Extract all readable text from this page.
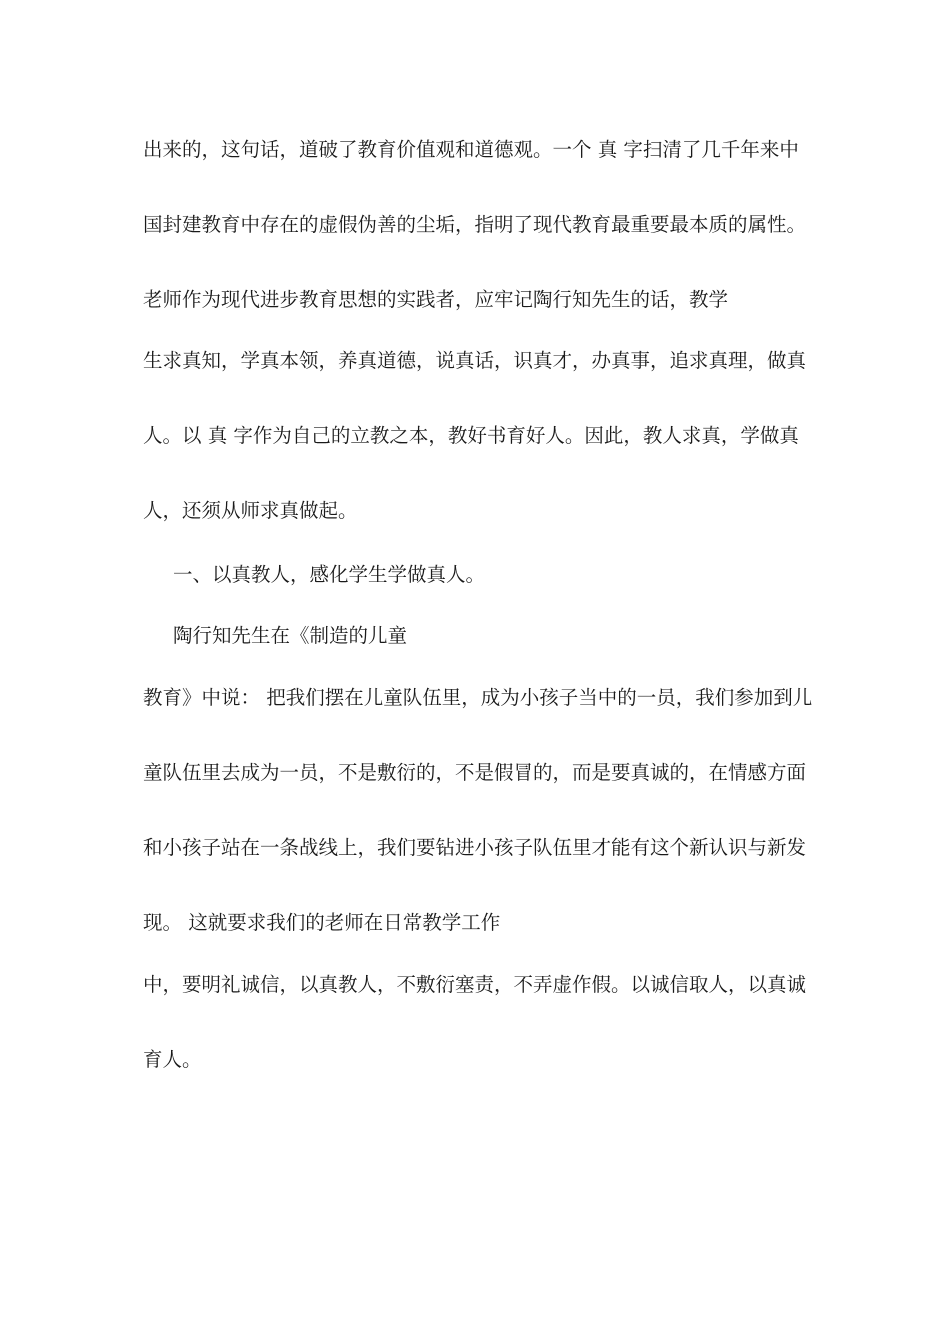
出来的，这句话，道破了教育价值观和道德观。一个 真 字扫清了几千年来中
国封建教育中存在的虚假伪善的尘垢，指明了现代教育最重要最本质的属性。
老师作为现代进步教育思想的实践者，应牢记陶行知先生的话，教学
生求真知，学真本领，养真道德，说真话，识真才，办真事，追求真理，做真
人。以 真 字作为自己的立教之本，教好书育好人。因此，教人求真，学做真
人，还须从师求真做起。
一、以真教人，感化学生学做真人。
陶行知先生在《制造的儿童
教育》中说： 把我们摆在儿童队伍里，成为小孩子当中的一员，我们参加到儿
童队伍里去成为一员，不是敷衍的，不是假冒的，而是要真诚的，在情感方面
和小孩子站在一条战线上，我们要钻进小孩子队伍里才能有这个新认识与新发
现。 这就要求我们的老师在日常教学工作
中，要明礼诚信，以真教人，不敷衍塞责，不弄虚作假。以诚信取人，以真诚
育人。
